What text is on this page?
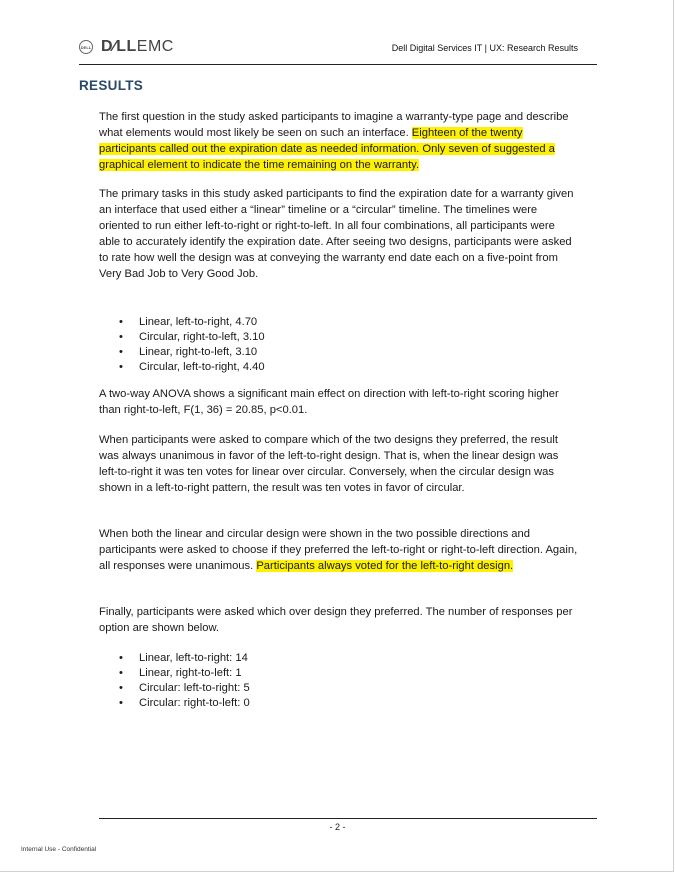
DELL D∕LLEMC	Dell Digital Services IT | UX: Research Results
RESULTS

The first question in the study asked participants to imagine a warranty-type page and describe what elements would most likely be seen on such an interface. Eighteen of the twenty participants called out the expiration date as needed information. Only seven of suggested a graphical element to indicate the time remaining on the warranty.

The primary tasks in this study asked participants to find the expiration date for a warranty given an interface that used either a “linear” timeline or a “circular” timeline. The timelines were oriented to run either left-to-right or right-to-left. In all four combinations, all participants were able to accurately identify the expiration date. After seeing two designs, participants were asked to rate how well the design was at conveying the warranty end date each on a five-point from Very Bad Job to Very Good Job.

• Linear, left-to-right, 4.70
• Circular, right-to-left, 3.10
• Linear, right-to-left, 3.10
• Circular, left-to-right, 4.40

A two-way ANOVA shows a significant main effect on direction with left-to-right scoring higher than right-to-left, F(1, 36) = 20.85, p<0.01.

When participants were asked to compare which of the two designs they preferred, the result was always unanimous in favor of the left-to-right design. That is, when the linear design was left-to-right it was ten votes for linear over circular. Conversely, when the circular design was shown in a left-to-right pattern, the result was ten votes in favor of circular.

When both the linear and circular design were shown in the two possible directions and participants were asked to choose if they preferred the left-to-right or right-to-left direction. Again, all responses were unanimous. Participants always voted for the left-to-right design.

Finally, participants were asked which over design they preferred. The number of responses per option are shown below.

• Linear, left-to-right: 14
• Linear, right-to-left: 1
• Circular: left-to-right: 5
• Circular: right-to-left: 0
- 2 -
Internal Use - Confidential
